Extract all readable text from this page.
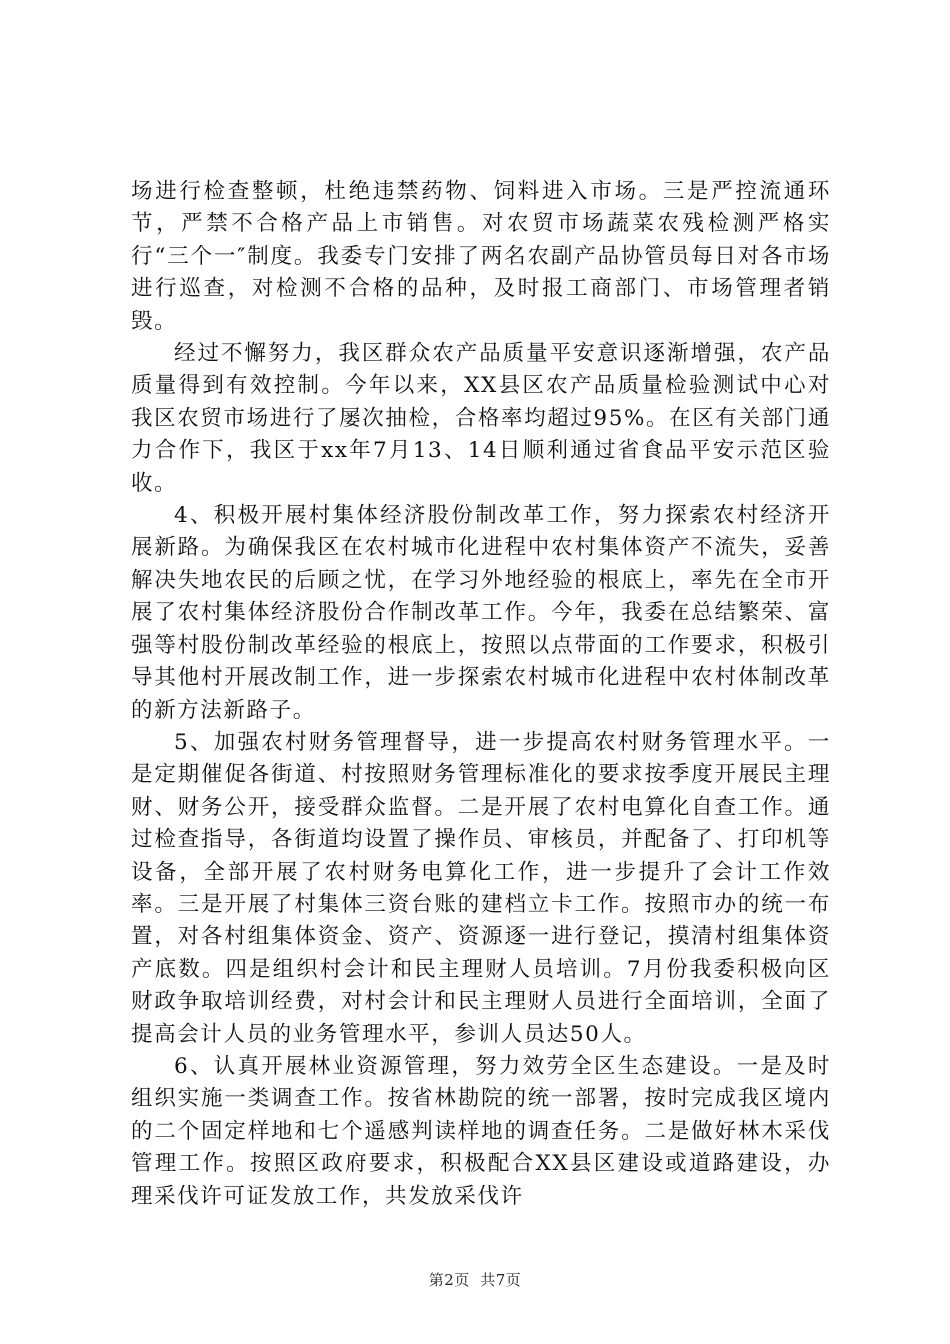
场进行检查整顿，杜绝违禁药物、饲料进入市场。三是严控流通环节，严禁不合格产品上市销售。对农贸市场蔬菜农残检测严格实行“三个一″制度。我委专门安排了两名农副产品协管员每日对各市场进行巡查，对检测不合格的品种，及时报工商部门、市场管理者销毁。

经过不懈努力，我区群众农产品质量平安意识逐渐增强，农产品质量得到有效控制。今年以来，XX县区农产品质量检验测试中心对我区农贸市场进行了屡次抽检，合格率均超过95%。在区有关部门通力合作下，我区于xx年7月13、14日顺利通过省食品平安示范区验收。

4、积极开展村集体经济股份制改革工作，努力探索农村经济开展新路。为确保我区在农村城市化进程中农村集体资产不流失，妥善解决失地农民的后顾之忧，在学习外地经验的根底上，率先在全市开展了农村集体经济股份合作制改革工作。今年，我委在总结繁荣、富强等村股份制改革经验的根底上，按照以点带面的工作要求，积极引导其他村开展改制工作，进一步探索农村城市化进程中农村体制改革的新方法新路子。

5、加强农村财务管理督导，进一步提高农村财务管理水平。一是定期催促各街道、村按照财务管理标准化的要求按季度开展民主理财、财务公开，接受群众监督。二是开展了农村电算化自查工作。通过检查指导，各街道均设置了操作员、审核员，并配备了、打印机等设备，全部开展了农村财务电算化工作，进一步提升了会计工作效率。三是开展了村集体三资台账的建档立卡工作。按照市办的统一布置，对各村组集体资金、资产、资源逐一进行登记，摸清村组集体资产底数。四是组织村会计和民主理财人员培训。7月份我委积极向区财政争取培训经费，对村会计和民主理财人员进行全面培训，全面了提高会计人员的业务管理水平，参训人员达50人。

6、认真开展林业资源管理，努力效劳全区生态建设。一是及时组织实施一类调查工作。按省林勘院的统一部署，按时完成我区境内的二个固定样地和七个遥感判读样地的调查任务。二是做好林木采伐管理工作。按照区政府要求，积极配合XX县区建设或道路建设，办理采伐许可证发放工作，共发放采伐许

第2页  共7页
